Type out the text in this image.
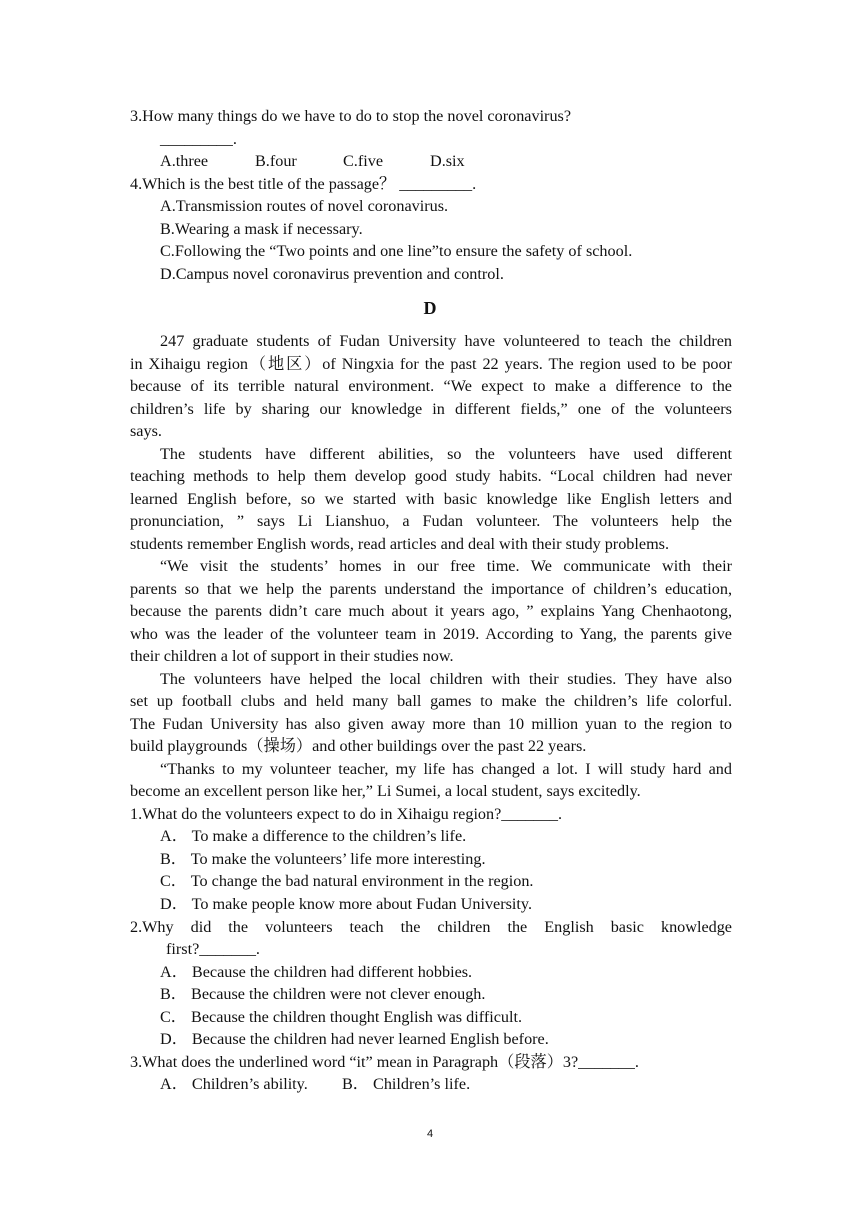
3.How many things do we have to do to stop the novel coronavirus?
_________.
A.three	B.four	C.five	D.six
4.Which is the best title of the passage？ _________.
A.Transmission routes of novel coronavirus.
B.Wearing a mask if necessary.
C.Following the “Two points and one line”to ensure the safety of school.
D.Campus novel coronavirus prevention and control.
D
247 graduate students of Fudan University have volunteered to teach the children
in Xihaigu region（地区）of Ningxia for the past 22 years. The region used to be poor
because of its terrible natural environment. “We expect to make a difference to the
children’s life by sharing our knowledge in different fields,” one of the volunteers
says.
The students have different abilities, so the volunteers have used different
teaching methods to help them develop good study habits. “Local children had never
learned English before, so we started with basic knowledge like English letters and
pronunciation, ” says Li Lianshuo, a Fudan volunteer. The volunteers help the
students remember English words, read articles and deal with their study problems.
“We visit the students’ homes in our free time. We communicate with their
parents so that we help the parents understand the importance of children’s education,
because the parents didn’t care much about it years ago, ” explains Yang Chenhaotong,
who was the leader of the volunteer team in 2019. According to Yang, the parents give
their children a lot of support in their studies now.
The volunteers have helped the local children with their studies. They have also
set up football clubs and held many ball games to make the children’s life colorful.
The Fudan University has also given away more than 10 million yuan to the region to
build playgrounds（操场）and other buildings over the past 22 years.
“Thanks to my volunteer teacher, my life has changed a lot. I will study hard and
become an excellent person like her,” Li Sumei, a local student, says excitedly.
1.What do the volunteers expect to do in Xihaigu region?_______.
A． To make a difference to the children’s life.
B． To make the volunteers’ life more interesting.
C． To change the bad natural environment in the region.
D． To make people know more about Fudan University.
2.Why did the volunteers teach the children the English basic knowledge
first?_______.
A． Because the children had different hobbies.
B． Because the children were not clever enough.
C． Because the children thought English was difficult.
D． Because the children had never learned English before.
3.What does the underlined word “it” mean in Paragraph（段落）3?_______.
A． Children’s ability. B． Children’s life.
4
